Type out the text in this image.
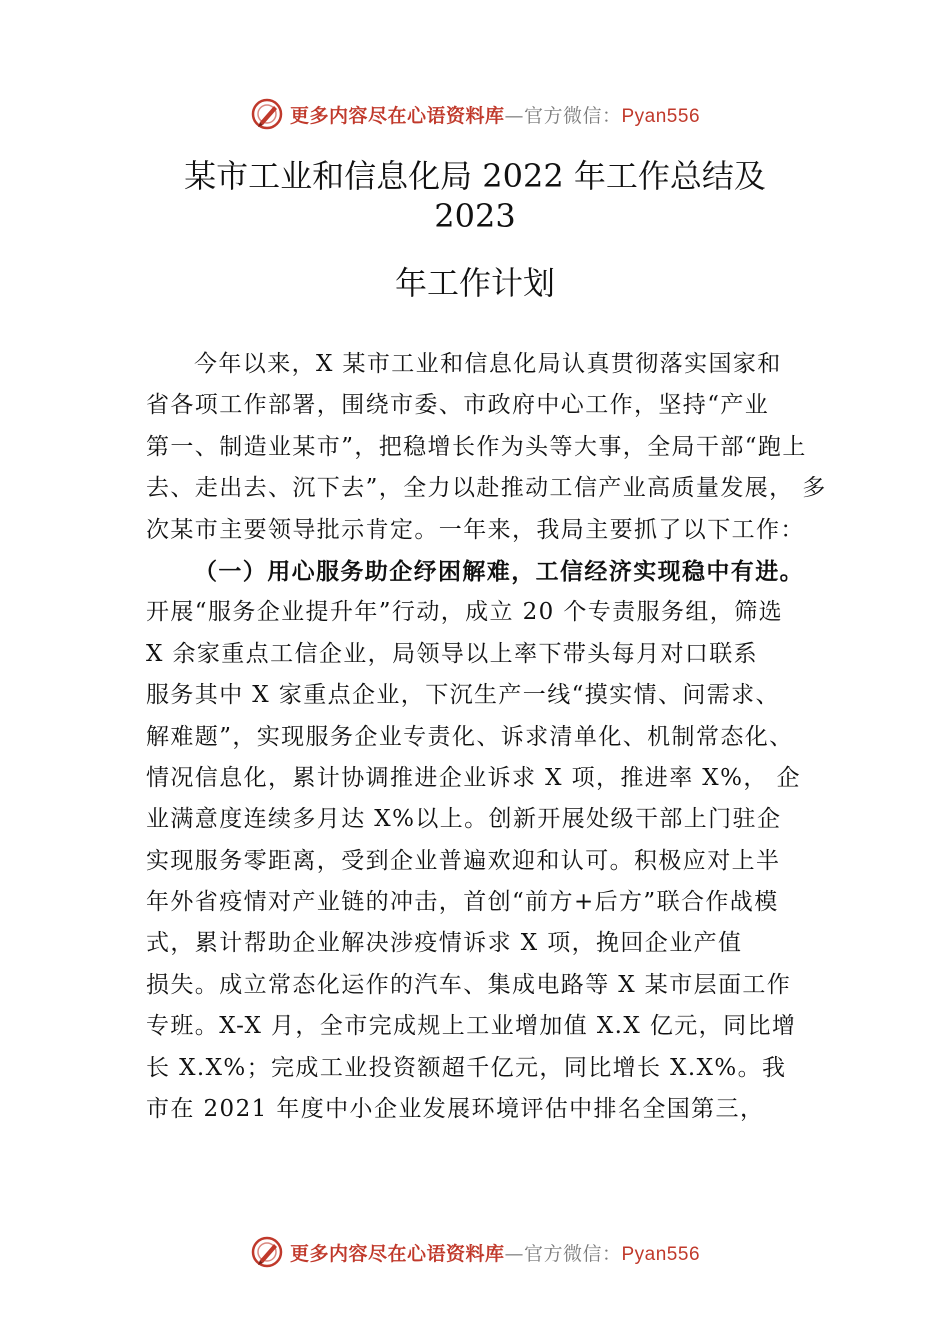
更多内容尽在心语资料库—官方微信：Pyan556
某市工业和信息化局 2022 年工作总结及
2023
年工作计划
今年以来，X 某市工业和信息化局认真贯彻落实国家和
省各项工作部署，围绕市委、市政府中心工作，坚持“产业
第一、制造业某市”，把稳增长作为头等大事，全局干部“跑上
去、走出去、沉下去”，全力以赴推动工信产业高质量发展， 多
次某市主要领导批示肯定。一年来，我局主要抓了以下工作：
（一）用心服务助企纾困解难，工信经济实现稳中有进。
开展“服务企业提升年”行动，成立 20 个专责服务组，筛选
X 余家重点工信企业，局领导以上率下带头每月对口联系
服务其中 X 家重点企业，下沉生产一线“摸实情、问需求、
解难题”，实现服务企业专责化、诉求清单化、机制常态化、
情况信息化，累计协调推进企业诉求 X 项，推进率 X%， 企
业满意度连续多月达 X%以上。创新开展处级干部上门驻企
实现服务零距离，受到企业普遍欢迎和认可。积极应对上半
年外省疫情对产业链的冲击，首创“前方+后方”联合作战模
式，累计帮助企业解决涉疫情诉求 X 项，挽回企业产值
损失。成立常态化运作的汽车、集成电路等 X 某市层面工作
专班。X-X 月，全市完成规上工业增加值 X.X 亿元，同比增
长 X.X%；完成工业投资额超千亿元，同比增长 X.X%。我
市在 2021 年度中小企业发展环境评估中排名全国第三，
更多内容尽在心语资料库—官方微信：Pyan556
